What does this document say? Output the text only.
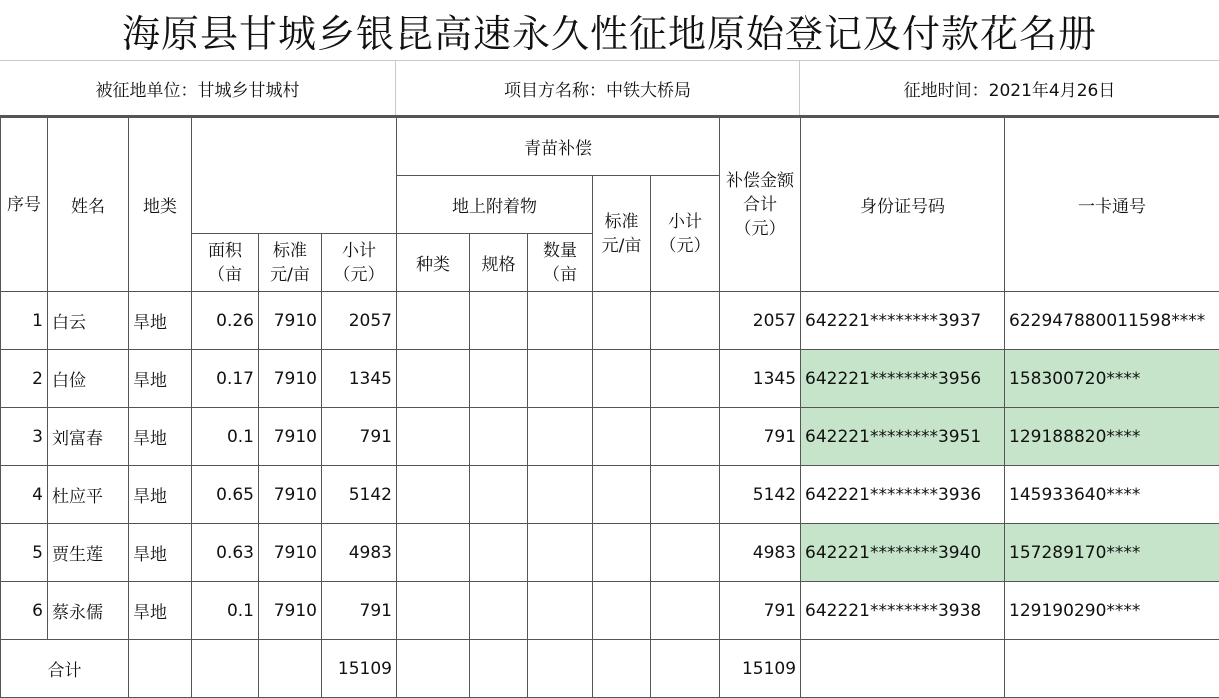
海原县甘城乡银昆高速永久性征地原始登记及付款花名册
被征地单位：甘城乡甘城村	项目方名称：中铁大桥局	征地时间：2021年4月26日
序号	姓名	地类				青苗补偿					补偿金额合计（元）	身份证号码	一卡通号
						地上附着物			标准元/亩	小计（元）			
			面积（亩	标准元/亩	小计（元）	种类	规格	数量（亩					
1	白云	旱地	0.26	7910	2057						2057	642221********3937	622947880011598****
2	白俭	旱地	0.17	7910	1345						1345	642221********3956	158300720****
3	刘富春	旱地	0.1	7910	791						791	642221********3951	129188820****
4	杜应平	旱地	0.65	7910	5142						5142	642221********3936	145933640****
5	贾生莲	旱地	0.63	7910	4983						4983	642221********3940	157289170****
6	蔡永儒	旱地	0.1	7910	791						791	642221********3938	129190290****
合计					15109						15109		
